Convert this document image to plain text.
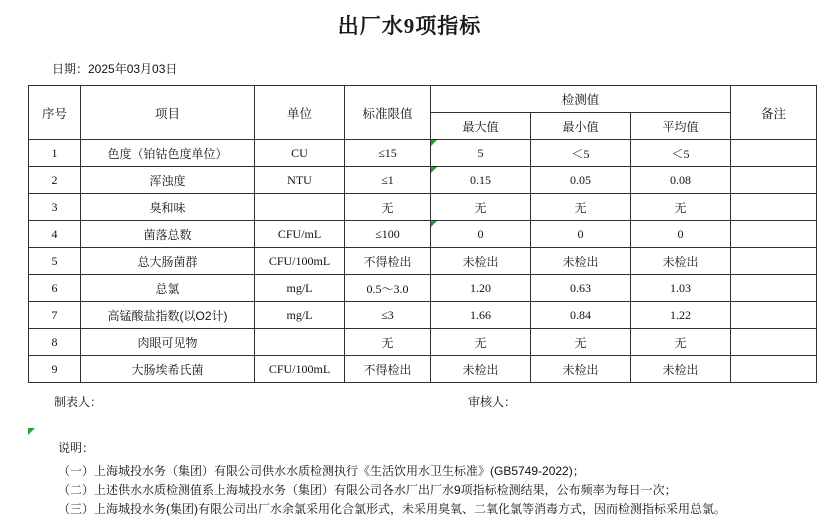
出厂水9项指标
日期：2025年03月03日
序号	项目	单位	标准限值	检测值			备注
				最大值	最小值	平均值	
1	色度（铂钴色度单位）	CU	≤15	5	＜5	＜5	
2	浑浊度	NTU	≤1	0.15	0.05	0.08	
3	臭和味		无	无	无	无	
4	菌落总数	CFU/mL	≤100	0	0	0	
5	总大肠菌群	CFU/100mL	不得检出	未检出	未检出	未检出	
6	总氯	mg/L	0.5～3.0	1.20	0.63	1.03	
7	高锰酸盐指数(以O2计)	mg/L	≤3	1.66	0.84	1.22	
8	肉眼可见物		无	无	无	无	
9	大肠埃希氏菌	CFU/100mL	不得检出	未检出	未检出	未检出	
制表人：	审核人：
说明：
（一）上海城投水务（集团）有限公司供水水质检测执行《生活饮用水卫生标准》(GB5749-2022)；
（二）上述供水水质检测值系上海城投水务（集团）有限公司各水厂出厂水9项指标检测结果，公布频率为每日一次；
（三）上海城投水务(集团)有限公司出厂水余氯采用化合氯形式，未采用臭氧、二氧化氯等消毒方式，因而检测指标采用总氯。
